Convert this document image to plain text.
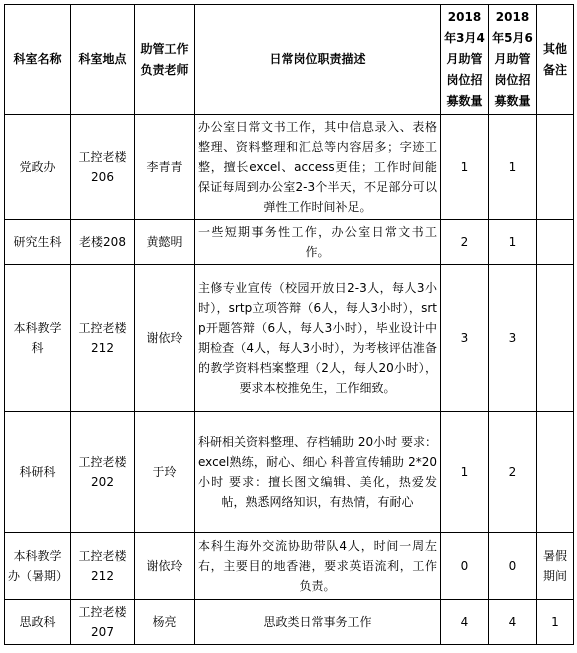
科室名称	科室地点	助管工作负责老师	日常岗位职责描述	2018年3月4月助管岗位招募数量	2018年5月6月助管岗位招募数量	其他备注
党政办	工控老楼206	李青青	办公室日常文书工作，其中信息录入、表格整理、资料整理和汇总等内容居多；字迹工整，擅长excel、access更佳；工作时间能保证每周到办公室2-3个半天，不足部分可以弹性工作时间补足。	1	1	
研究生科	老楼208	黄懿明	一些短期事务性工作，办公室日常文书工作。	2	1	
本科教学科	工控老楼212	谢依玲	主修专业宣传（校园开放日2-3人，每人3小时），srtp立项答辩（6人，每人3小时），srtp开题答辩（6人，每人3小时），毕业设计中期检查（4人，每人3小时），为考核评估准备的教学资料档案整理（2人，每人20小时），要求本校推免生，工作细致。	3	3	
科研科	工控老楼202	于玲	科研相关资料整理、存档辅助 20小时 要求：excel熟练，耐心、细心 科普宣传辅助 2*20小时 要求：擅长图文编辑、美化，热爱发帖，熟悉网络知识，有热情，有耐心	1	2	
本科教学办（暑期）	工控老楼212	谢依玲	本科生海外交流协助带队4人，时间一周左右，主要目的地香港，要求英语流利，工作负责。	0	0	暑假期间
思政科	工控老楼207	杨亮	思政类日常事务工作	4	4	1
